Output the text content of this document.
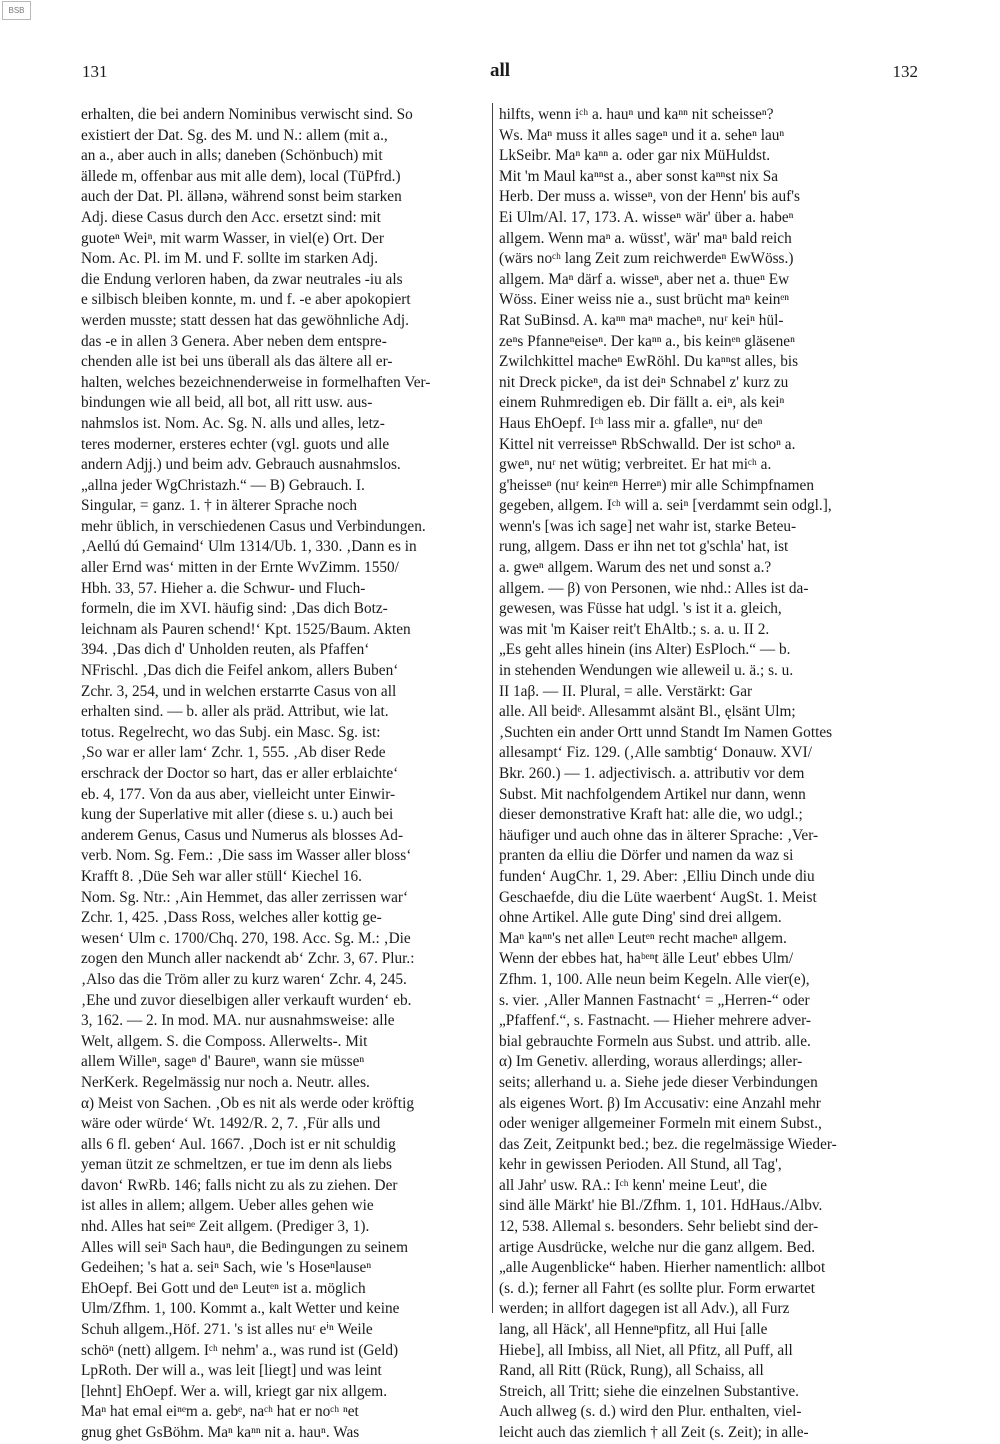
BSB
131	all	132
erhalten, die bei andern Nominibus verwischt sind. So
existiert der Dat. Sg. des M. und N.: allem (mit a.,
an a., aber auch in alls; daneben (Schönbuch) mit
ällede m, offenbar aus mit alle dem), local (TüPfrd.)
auch der Dat. Pl. ällənə, während sonst beim starken
Adj. diese Casus durch den Acc. ersetzt sind: mit
guoteⁿ Weiⁿ, mit warm Wasser, in viel(e) Ort. Der
Nom. Ac. Pl. im M. und F. sollte im starken Adj.
die Endung verloren haben, da zwar neutrales -iu als
e silbisch bleiben konnte, m. und f. -e aber apokopiert
werden musste; statt dessen hat das gewöhnliche Adj.
das -e in allen 3 Genera. Aber neben dem entspre-
chenden alle ist bei uns überall als das ältere all er-
halten, welches bezeichnenderweise in formelhaften Ver-
bindungen wie all beid, all bot, all ritt usw. aus-
nahmslos ist. Nom. Ac. Sg. N. alls und alles, letz-
teres moderner, ersteres echter (vgl. guots und alle
andern Adjj.) und beim adv. Gebrauch ausnahmslos.
„allna jeder WgChristazh.“ — B) Gebrauch. I.
Singular, = ganz. 1. † in älterer Sprache noch
mehr üblich, in verschiedenen Casus und Verbindungen.
‚Aellú dú Gemaind‘ Ulm 1314/Ub. 1, 330. ‚Dann es in
aller Ernd was‘ mitten in der Ernte WvZimm. 1550/
Hbh. 33, 57. Hieher a. die Schwur- und Fluch-
formeln, die im XVI. häufig sind: ‚Das dich Botz-
leichnam als Pauren schend!‘ Kpt. 1525/Baum. Akten
394. ‚Das dich d' Unholden reuten, als Pfaffen‘
NFrischl. ‚Das dich die Feifel ankom, allers Buben‘
Zchr. 3, 254, und in welchen erstarrte Casus von all
erhalten sind. — b. aller als präd. Attribut, wie lat.
totus. Regelrecht, wo das Subj. ein Masc. Sg. ist:
‚So war er aller lam‘ Zchr. 1, 555. ‚Ab diser Rede
erschrack der Doctor so hart, das er aller erblaichte‘
eb. 4, 177. Von da aus aber, vielleicht unter Einwir-
kung der Superlative mit aller (diese s. u.) auch bei
anderem Genus, Casus und Numerus als blosses Ad-
verb. Nom. Sg. Fem.: ‚Die sass im Wasser aller bloss‘
Krafft 8. ‚Düe Seh war aller stüll‘ Kiechel 16.
Nom. Sg. Ntr.: ‚Ain Hemmet, das aller zerrissen war‘
Zchr. 1, 425. ‚Dass Ross, welches aller kottig ge-
wesen‘ Ulm c. 1700/Chq. 270, 198. Acc. Sg. M.: ‚Die
zogen den Munch aller nackendt ab‘ Zchr. 3, 67. Plur.:
‚Also das die Tröm aller zu kurz waren‘ Zchr. 4, 245.
‚Ehe und zuvor dieselbigen aller verkauft wurden‘ eb.
3, 162. — 2. In mod. MA. nur ausnahmsweise: alle
Welt, allgem. S. die Composs. Allerwelts-. Mit
allem Willeⁿ, sageⁿ d' Baureⁿ, wann sie müsseⁿ
NerKerk. Regelmässig nur noch a. Neutr. alles.
α) Meist von Sachen. ‚Ob es nit als werde oder kröftig
wäre oder würde‘ Wt. 1492/R. 2, 7. ‚Für alls und
alls 6 fl. geben‘ Aul. 1667. ‚Doch ist er nit schuldig
yeman ützit ze schmeltzen, er tue im denn als liebs
davon‘ RwRb. 146; falls nicht zu als zu ziehen. Der
ist alles in allem; allgem. Ueber alles gehen wie
nhd. Alles hat seiⁿᵉ Zeit allgem. (Prediger 3, 1).
Alles will seiⁿ Sach hauⁿ, die Bedingungen zu seinem
Gedeihen; 's hat a. seiⁿ Sach, wie 's Hoseⁿlauseⁿ
EhOepf. Bei Gott und deⁿ Leutᵉⁿ ist a. möglich
Ulm/Zfhm. 1, 100. Kommt a., kalt Wetter und keine
Schuh allgem.,Höf. 271. 's ist alles nuʳ eⁱⁿ Weile
schöⁿ (nett) allgem. Iᶜʰ nehm' a., was rund ist (Geld)
LpRoth. Der will a., was leit [liegt] und was leint
[lehnt] EhOepf. Wer a. will, kriegt gar nix allgem.
Maⁿ hat emal eiⁿᵉm a. gebᵉ, naᶜʰ hat er noᶜʰ ⁿet
gnug ghet GsBöhm. Maⁿ kaⁿⁿ nit a. hauⁿ. Was
hilfts, wenn iᶜʰ a. hauⁿ und kaⁿⁿ nit scheisseⁿ?
Ws. Maⁿ muss it alles sageⁿ und it a. seheⁿ lauⁿ
LkSeibr. Maⁿ kaⁿⁿ a. oder gar nix MüHuldst.
Mit 'm Maul kaⁿⁿst a., aber sonst kaⁿⁿst nix Sa
Herb. Der muss a. wisseⁿ, von der Henn' bis auf's
Ei Ulm/Al. 17, 173. A. wisseⁿ wär' über a. habeⁿ
allgem. Wenn maⁿ a. wüsst', wär' maⁿ bald reich
(wärs noᶜʰ lang Zeit zum reichwerdeⁿ EwWöss.)
allgem. Maⁿ därf a. wisseⁿ, aber net a. thueⁿ Ew
Wöss. Einer weiss nie a., sust brücht maⁿ keinᵉⁿ
Rat SuBinsd. A. kaⁿⁿ maⁿ macheⁿ, nuʳ keiⁿ hül-
zeⁿs Pfanneⁿeiseⁿ. Der kaⁿⁿ a., bis keinᵉⁿ gläseneⁿ
Zwilchkittel macheⁿ EwRöhl. Du kaⁿⁿst alles, bis
nit Dreck pickeⁿ, da ist deiⁿ Schnabel z' kurz zu
einem Ruhmredigen eb. Dir fällt a. eiⁿ, als keiⁿ
Haus EhOepf. Iᶜʰ lass mir a. gfalleⁿ, nuʳ deⁿ
Kittel nit verreisseⁿ RbSchwalld. Der ist schoⁿ a.
gweⁿ, nuʳ net wütig; verbreitet. Er hat miᶜʰ a.
g'heisseⁿ (nuʳ keinᵉⁿ Herreⁿ) mir alle Schimpfnamen
gegeben, allgem. Iᶜʰ will a. seiⁿ [verdammt sein odgl.],
wenn's [was ich sage] net wahr ist, starke Beteu-
rung, allgem. Dass er ihn net tot g'schla' hat, ist
a. gweⁿ allgem. Warum des net und sonst a.?
allgem. — β) von Personen, wie nhd.: Alles ist da-
gewesen, was Füsse hat udgl. 's ist it a. gleich,
was mit 'm Kaiser reit't EhAltb.; s. a. u. II 2.
„Es geht alles hinein (ins Alter) EsPloch.“ — b.
in stehenden Wendungen wie alleweil u. ä.; s. u.
II 1aβ. — II. Plural, = alle. Verstärkt: Gar
alle. All beidᵉ. Allesammt alsänt Bl., ęlsänt Ulm;
‚Suchten ein ander Ortt unnd Standt Im Namen Gottes
allesampt‘ Fiz. 129. (‚Alle sambtig‘ Donauw. XVI/
Bkr. 260.) — 1. adjectivisch. a. attributiv vor dem
Subst. Mit nachfolgendem Artikel nur dann, wenn
dieser demonstrative Kraft hat: alle die, wo udgl.;
häufiger und auch ohne das in älterer Sprache: ‚Ver-
pranten da elliu die Dörfer und namen da waz si
funden‘ AugChr. 1, 29. Aber: ‚Elliu Dinch unde diu
Geschaefde, diu die Lüte waerbent‘ AugSt. 1. Meist
ohne Artikel. Alle gute Ding' sind drei allgem.
Maⁿ kaⁿⁿ's net alleⁿ Leutᵉⁿ recht macheⁿ allgem.
Wenn der ebbes hat, haᵇᵉⁿt älle Leut' ebbes Ulm/
Zfhm. 1, 100. Alle neun beim Kegeln. Alle vier(e),
s. vier. ‚Aller Mannen Fastnacht‘ = „Herren-“ oder
„Pfaffenf.“, s. Fastnacht. — Hieher mehrere adver-
bial gebrauchte Formeln aus Subst. und attrib. alle.
α) Im Genetiv. allerding, woraus allerdings; aller-
seits; allerhand u. a. Siehe jede dieser Verbindungen
als eigenes Wort. β) Im Accusativ: eine Anzahl mehr
oder weniger allgemeiner Formeln mit einem Subst.,
das Zeit, Zeitpunkt bed.; bez. die regelmässige Wieder-
kehr in gewissen Perioden. All Stund, all Tag',
all Jahr' usw. RA.: Iᶜʰ kenn' meine Leut', die
sind älle Märkt' hie Bl./Zfhm. 1, 101. HdHaus./Albv.
12, 538. Allemal s. besonders. Sehr beliebt sind der-
artige Ausdrücke, welche nur die ganz allgem. Bed.
„alle Augenblicke“ haben. Hierher namentlich: allbot
(s. d.); ferner all Fahrt (es sollte plur. Form erwartet
werden; in allfort dagegen ist all Adv.), all Furz
lang, all Häck', all Henneⁿpfitz, all Hui [alle
Hiebe], all Imbiss, all Niet, all Pfitz, all Puff, all
Rand, all Ritt (Rück, Rung), all Schaiss, all
Streich, all Tritt; siehe die einzelnen Substantive.
Auch allweg (s. d.) wird den Plur. enthalten, viel-
leicht auch das ziemlich † all Zeit (s. Zeit); in alle-
